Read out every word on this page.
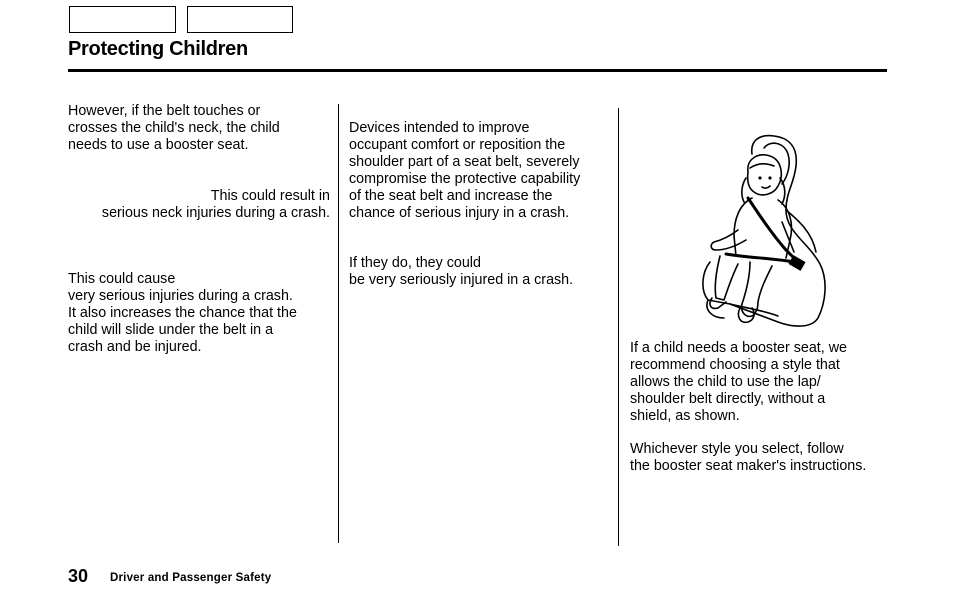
Protecting Children

However, if the belt touches or
crosses the child's neck, the child
needs to use a booster seat.

This could result in
serious neck injuries during a crash.

This could cause
very serious injuries during a crash.
It also increases the chance that the
child will slide under the belt in a
crash and be injured.

Devices intended to improve
occupant comfort or reposition the
shoulder part of a seat belt, severely
compromise the protective capability
of the seat belt and increase the
chance of serious injury in a crash.

If they do, they could
be very seriously injured in a crash.

If a child needs a booster seat, we
recommend choosing a style that
allows the child to use the lap/
shoulder belt directly, without a
shield, as shown.

Whichever style you select, follow
the booster seat maker's instructions.

30 Driver and Passenger Safety
